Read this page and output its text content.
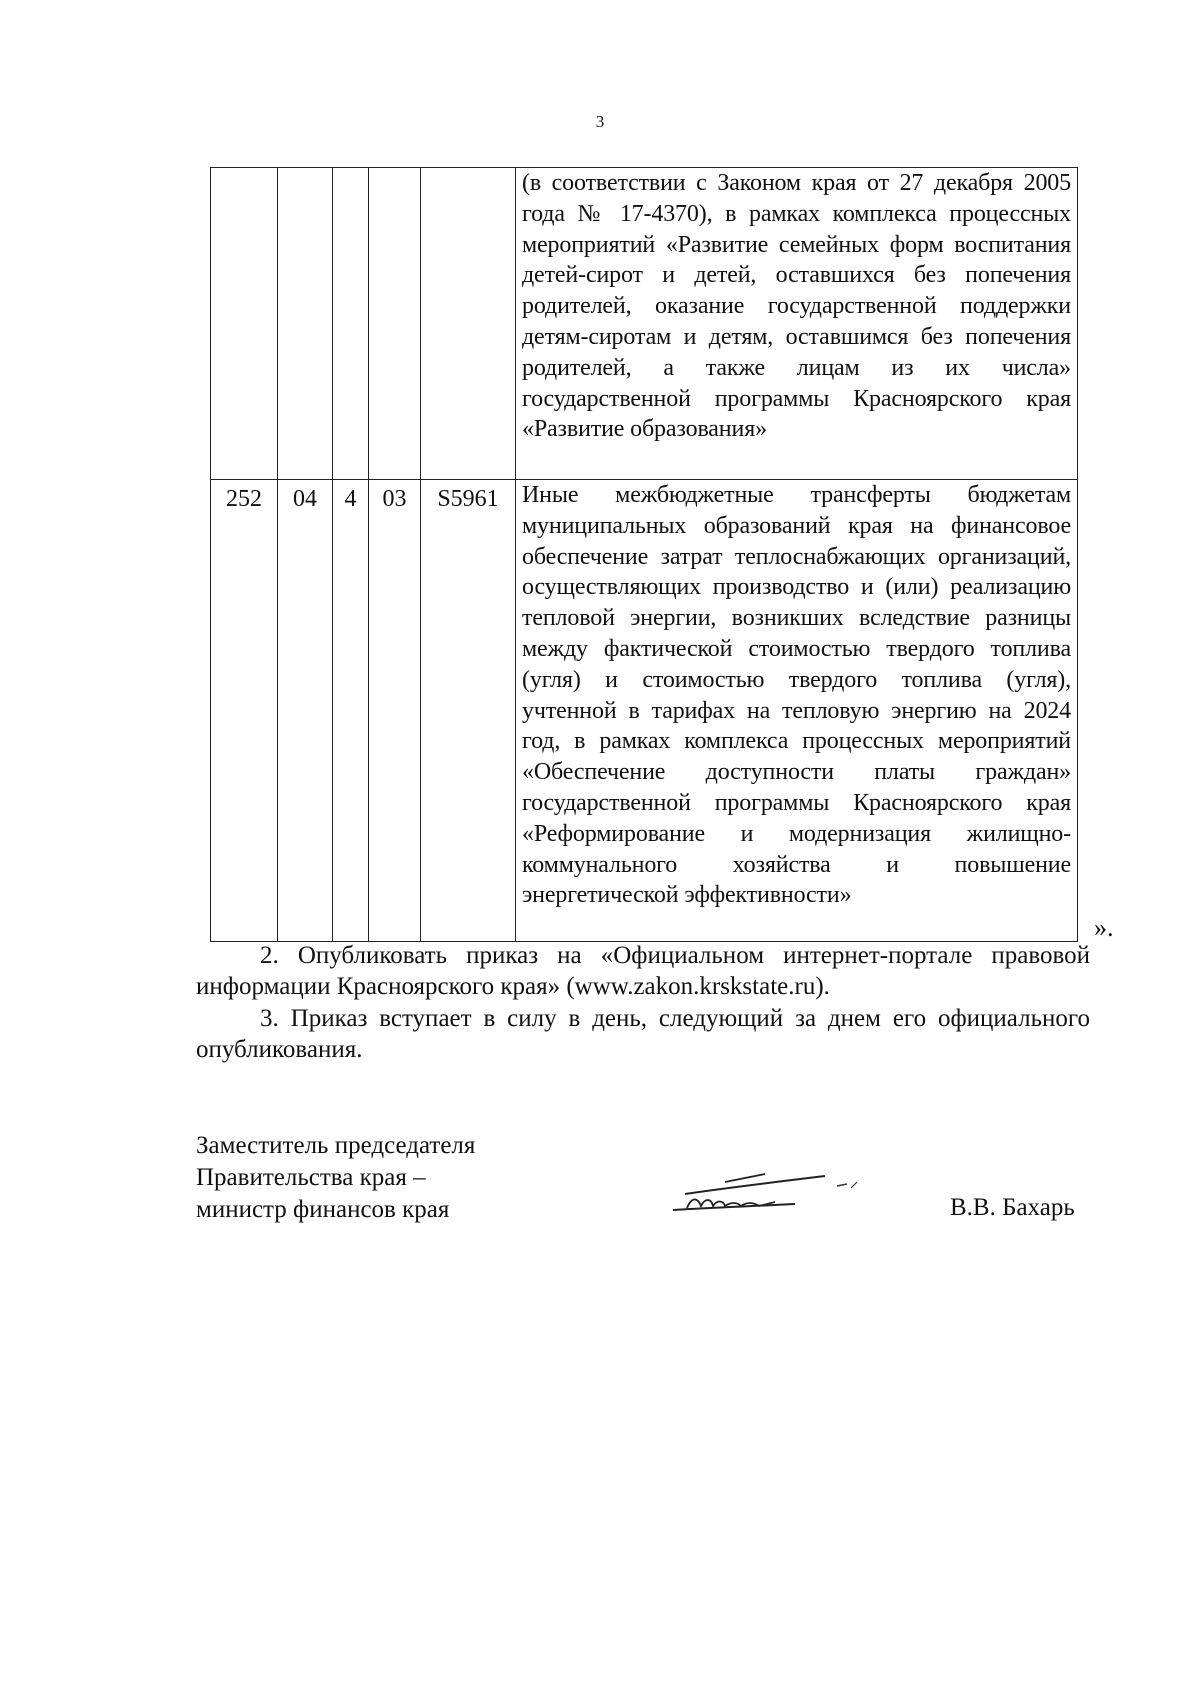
3
					(в соответствии с Законом края от 27 декабря 2005 года № 17-4370), в рамках комплекса процессных мероприятий «Развитие семейных форм воспитания детей-сирот и детей, оставшихся без попечения родителей, оказание государственной поддержки детям-сиротам и детям, оставшимся без попечения родителей, а также лицам из их числа» государственной программы Красноярского края «Развитие образования»
252	04	4	03	S5961	Иные межбюджетные трансферты бюджетам муниципальных образований края на финансовое обеспечение затрат теплоснабжающих организаций, осуществляющих производство и (или) реализацию тепловой энергии, возникших вследствие разницы между фактической стоимостью твердого топлива (угля) и стоимостью твердого топлива (угля), учтенной в тарифах на тепловую энергию на 2024 год, в рамках комплекса процессных мероприятий «Обеспечение доступности платы граждан» государственной программы Красноярского края «Реформирование и модернизация жилищно-коммунального хозяйства и повышение энергетической эффективности»
».
2. Опубликовать приказ на «Официальном интернет-портале правовой информации Красноярского края» (www.zakon.krskstate.ru).
3. Приказ вступает в силу в день, следующий за днем его официального опубликования.
Заместитель председателя
Правительства края –
министр финансов края	В.В. Бахарь
